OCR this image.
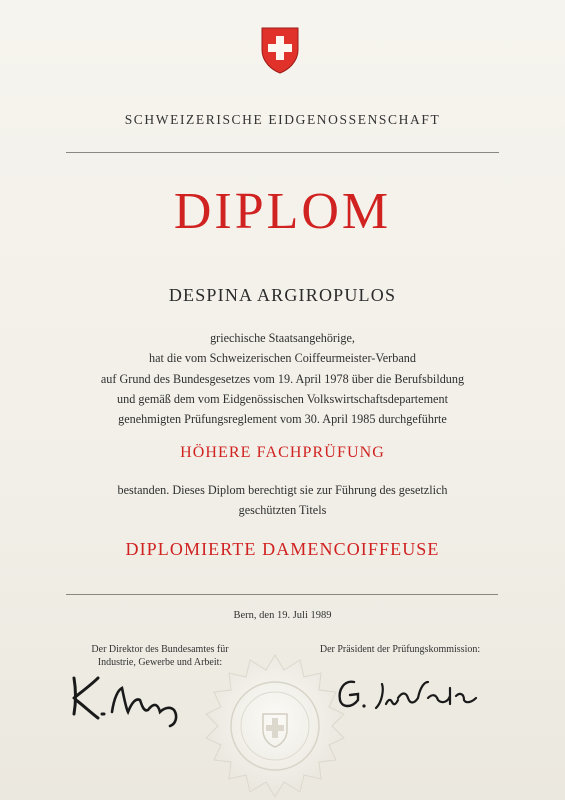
SCHWEIZERISCHE EIDGENOSSENSCHAFT
DIPLOM
DESPINA ARGIROPULOS
griechische Staatsangehörige,
hat die vom Schweizerischen Coiffeurmeister-Verband
auf Grund des Bundesgesetzes vom 19. April 1978 über die Berufsbildung
und gemäß dem vom Eidgenössischen Volkswirtschaftsdepartement
genehmigten Prüfungsreglement vom 30. April 1985 durchgeführte
HÖHERE FACHPRÜFUNG
bestanden. Dieses Diplom berechtigt sie zur Führung des gesetzlich
geschützten Titels
DIPLOMIERTE DAMENCOIFFEUSE
Bern, den 19. Juli 1989
Der Direktor des Bundesamtes für
Industrie, Gewerbe und Arbeit:
Der Präsident der Prüfungskommission:
